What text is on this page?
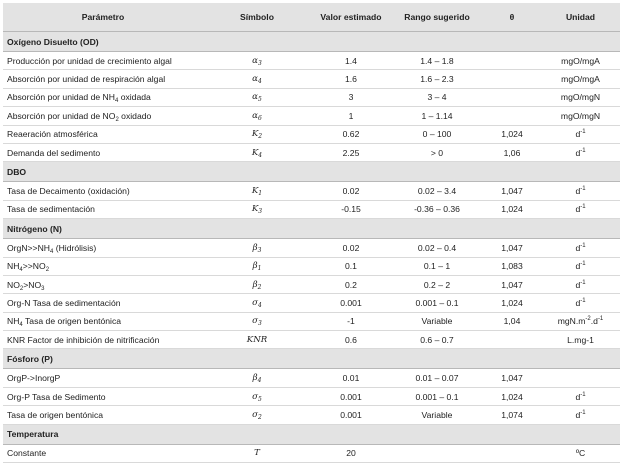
Parámetro	Símbolo	Valor estimado	Rango sugerido	θ	Unidad
Oxígeno Disuelto (OD)					
Producción por unidad de crecimiento algal	$\alpha_3$	1.4	1.4 – 1.8		mgO/mgA
Absorción por unidad de respiración algal	$\alpha_4$	1.6	1.6 – 2.3		mgO/mgA
Absorción por unidad de $NH_4$ oxidada	$\alpha_5$	3	3 – 4		mgO/mgN
Absorción por unidad de $NO_2$ oxidado	$\alpha_6$	1	1 – 1.14		mgO/mgN
Reaeración atmosférica	$K_2$	0.62	0 – 100	1,024	$d^{-1}$
Demanda del sedimento	$K_4$	2.25	> 0	1,06	$d^{-1}$
DBO					
Tasa de Decaimento (oxidación)	$K_1$	0.02	0.02 – 3.4	1,047	$d^{-1}$
Tasa de sedimentación	$K_3$	-0.15	-0.36 – 0.36	1,024	$d^{-1}$
Nitrógeno (N)					
$OrgN>>NH_4$ (Hidrólisis)	$\beta_3$	0.02	0.02 – 0.4	1,047	$d^{-1}$
$NH_4>>NO_2$	$\beta_1$	0.1	0.1 – 1	1,083	$d^{-1}$
$NO_2>NO_3$	$\beta_2$	0.2	0.2 – 2	1,047	$d^{-1}$
Org-N Tasa de sedimentación	$\sigma_4$	0.001	0.001 – 0.1	1,024	$d^{-1}$
$NH_4$ Tasa de origen bentónica	$\sigma_3$	-1	Variable	1,04	$mgN.m^{-2}.d^{-1}$
KNR Factor de inhibición de nitrificación	KNR	0.6	0.6 – 0.7		L.mg-1
Fósforo (P)					
OrgP->InorgP	$\beta_4$	0.01	0.01 – 0.07	1,047	
Org-P Tasa de Sedimento	$\sigma_5$	0.001	0.001 – 0.1	1,024	$d^{-1}$
Tasa de origen bentónica	$\sigma_2$	0.001	Variable	1,074	$d^{-1}$
Temperatura					
Constante	T	20			ºC
